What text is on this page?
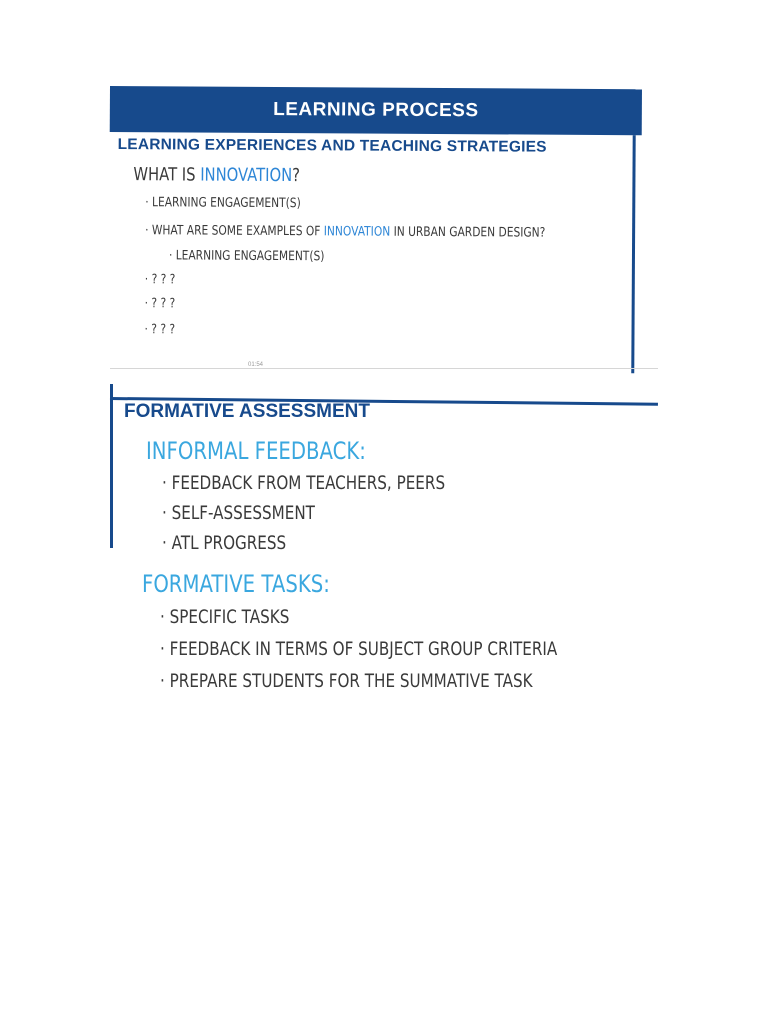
LEARNING PROCESS
LEARNING EXPERIENCES AND TEACHING STRATEGIES
WHAT IS INNOVATION?
· LEARNING ENGAGEMENT(S)
· WHAT ARE SOME EXAMPLES OF INNOVATION IN URBAN GARDEN DESIGN?
· LEARNING ENGAGEMENT(S)
· ? ? ?
· ? ? ?
· ? ? ?
01:54
FORMATIVE ASSESSMENT
INFORMAL FEEDBACK:
· FEEDBACK FROM TEACHERS, PEERS
· SELF-ASSESSMENT
· ATL PROGRESS
FORMATIVE TASKS:
· SPECIFIC TASKS
· FEEDBACK IN TERMS OF SUBJECT GROUP CRITERIA
· PREPARE STUDENTS FOR THE SUMMATIVE TASK
